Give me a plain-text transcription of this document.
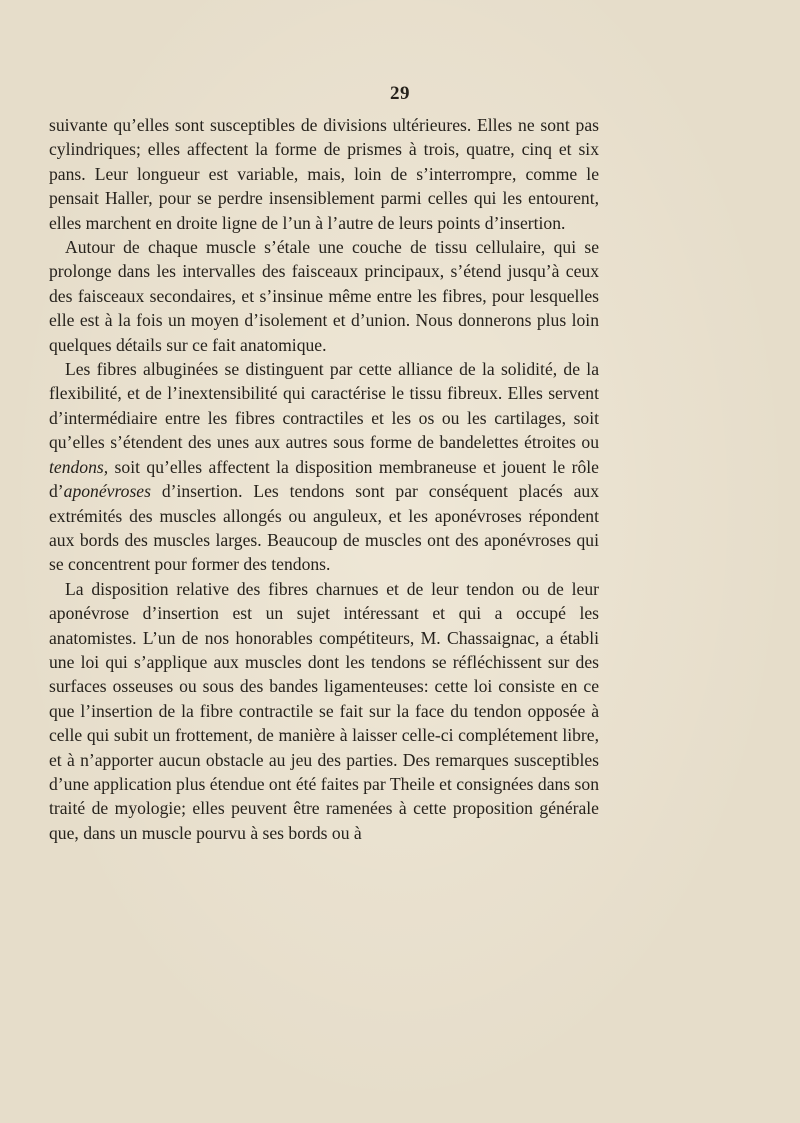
29

suivante qu’elles sont susceptibles de divisions ultérieures. Elles ne sont pas cylindriques; elles affectent la forme de prismes à trois, quatre, cinq et six pans. Leur longueur est variable, mais, loin de s’interrompre, comme le pensait Haller, pour se perdre insensiblement parmi celles qui les entourent, elles marchent en droite ligne de l’un à l’autre de leurs points d’insertion.

Autour de chaque muscle s’étale une couche de tissu cellulaire, qui se prolonge dans les intervalles des faisceaux principaux, s’étend jusqu’à ceux des faisceaux secondaires, et s’insinue même entre les fibres, pour lesquelles elle est à la fois un moyen d’isolement et d’union. Nous donnerons plus loin quelques détails sur ce fait anatomique.

Les fibres albuginées se distinguent par cette alliance de la solidité, de la flexibilité, et de l’inextensibilité qui caractérise le tissu fibreux. Elles servent d’intermédiaire entre les fibres contractiles et les os ou les cartilages, soit qu’elles s’étendent des unes aux autres sous forme de bandelettes étroites ou tendons, soit qu’elles affectent la disposition membraneuse et jouent le rôle d’aponévroses d’insertion. Les tendons sont par conséquent placés aux extrémités des muscles allongés ou anguleux, et les aponévroses répondent aux bords des muscles larges. Beaucoup de muscles ont des aponévroses qui se concentrent pour former des tendons.

La disposition relative des fibres charnues et de leur tendon ou de leur aponévrose d’insertion est un sujet intéressant et qui a occupé les anatomistes. L’un de nos honorables compétiteurs, M. Chassaignac, a établi une loi qui s’applique aux muscles dont les tendons se réfléchissent sur des surfaces osseuses ou sous des bandes ligamenteuses: cette loi consiste en ce que l’insertion de la fibre contractile se fait sur la face du tendon opposée à celle qui subit un frottement, de manière à laisser celle-ci complétement libre, et à n’apporter aucun obstacle au jeu des parties. Des remarques susceptibles d’une application plus étendue ont été faites par Theile et consignées dans son traité de myologie; elles peuvent être ramenées à cette proposition générale que, dans un muscle pourvu à ses bords ou à
